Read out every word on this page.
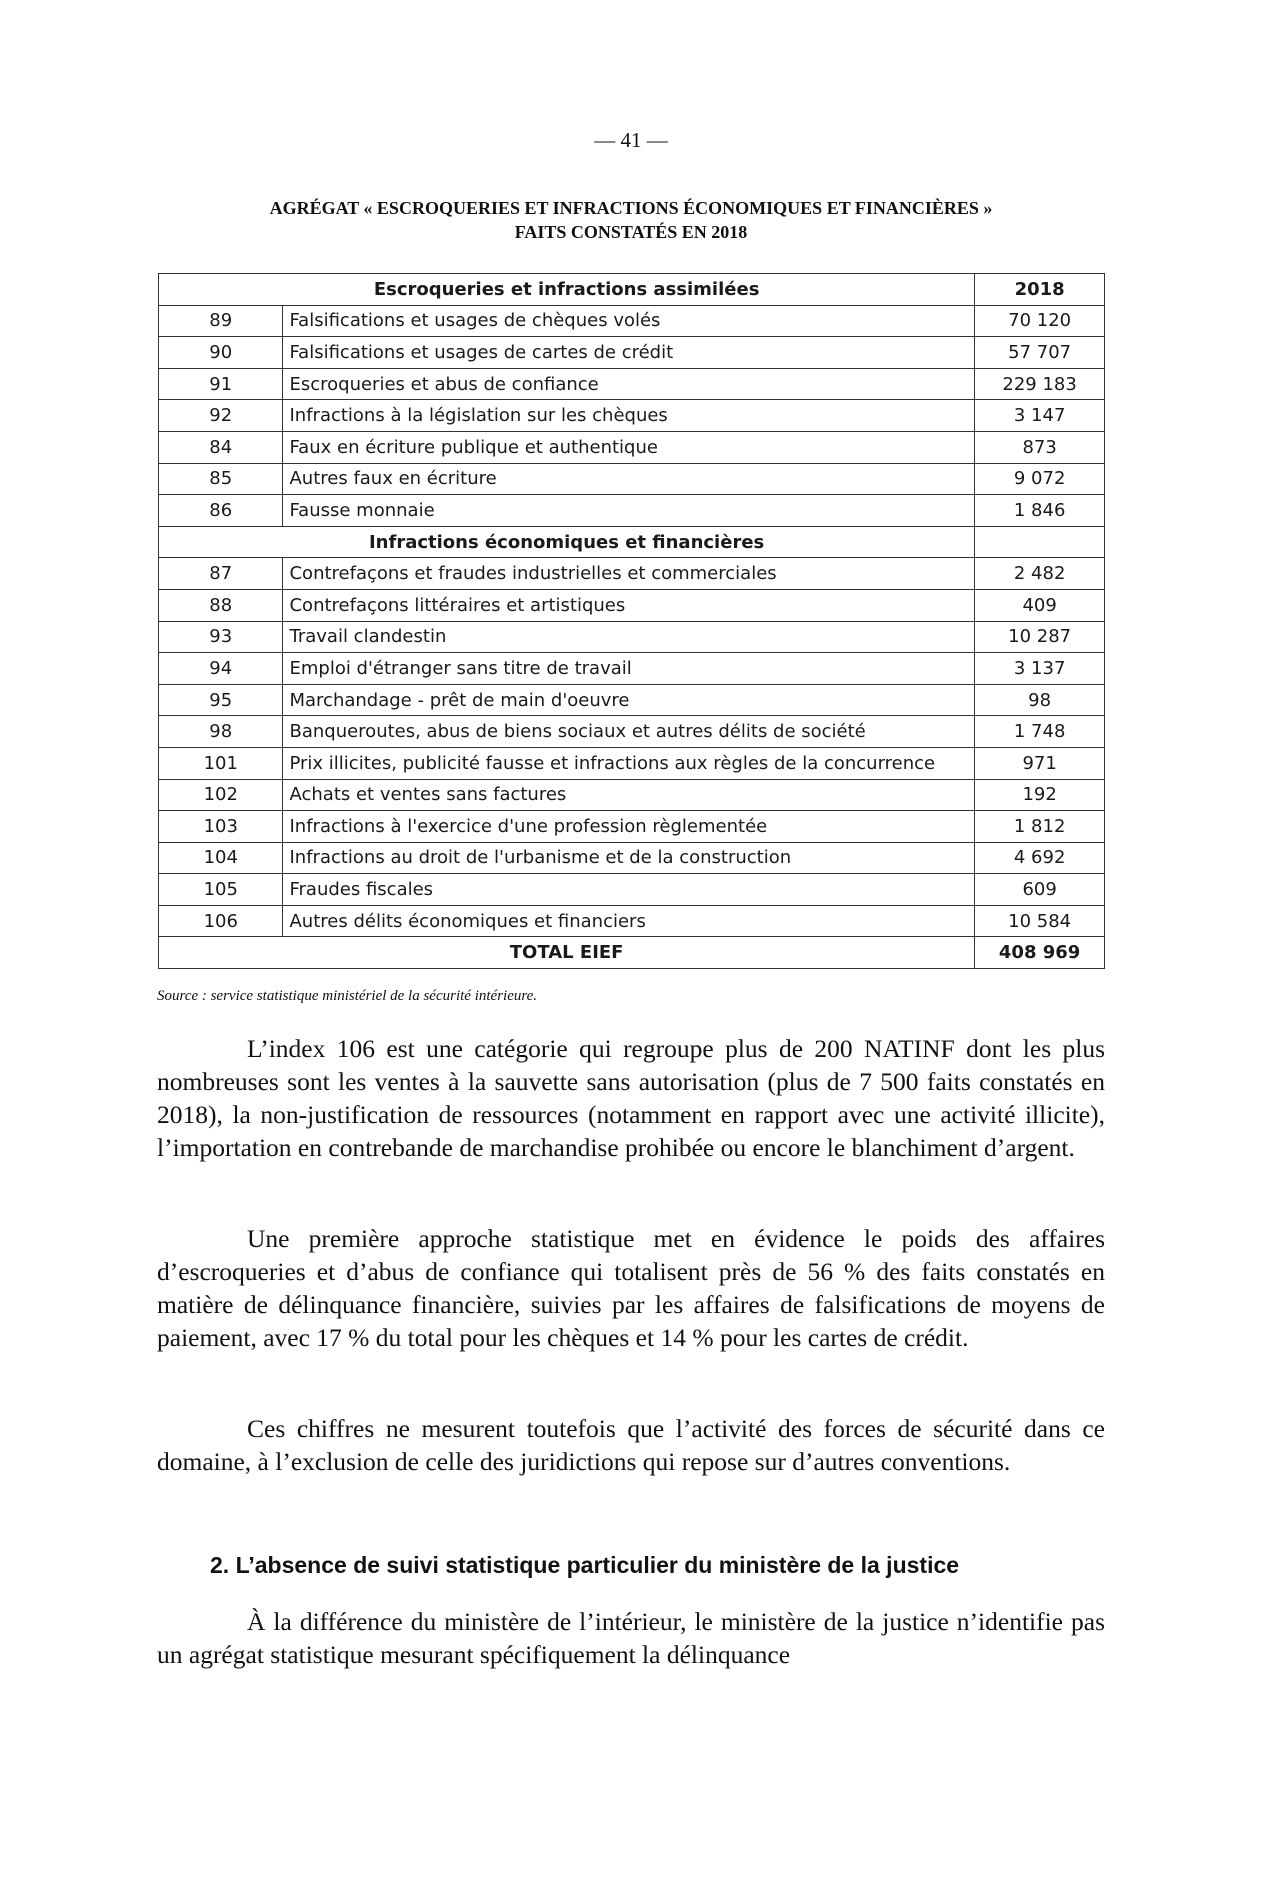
— 41 —
AGRÉGAT « ESCROQUERIES ET INFRACTIONS ÉCONOMIQUES ET FINANCIÈRES »
FAITS CONSTATÉS EN 2018
Escroqueries et infractions assimilées		2018
89	Falsifications et usages de chèques volés	70 120
90	Falsifications et usages de cartes de crédit	57 707
91	Escroqueries et abus de confiance	229 183
92	Infractions à la législation sur les chèques	3 147
84	Faux en écriture publique et authentique	873
85	Autres faux en écriture	9 072
86	Fausse monnaie	1 846
Infractions économiques et financières		
87	Contrefaçons et fraudes industrielles et commerciales	2 482
88	Contrefaçons littéraires et artistiques	409
93	Travail clandestin	10 287
94	Emploi d'étranger sans titre de travail	3 137
95	Marchandage - prêt de main d'oeuvre	98
98	Banqueroutes, abus de biens sociaux et autres délits de société	1 748
101	Prix illicites, publicité fausse et infractions aux règles de la concurrence	971
102	Achats et ventes sans factures	192
103	Infractions à l'exercice d'une profession règlementée	1 812
104	Infractions au droit de l'urbanisme et de la construction	4 692
105	Fraudes fiscales	609
106	Autres délits économiques et financiers	10 584
TOTAL EIEF		408 969
Source : service statistique ministériel de la sécurité intérieure.

L’index 106 est une catégorie qui regroupe plus de 200 NATINF dont les plus nombreuses sont les ventes à la sauvette sans autorisation (plus de 7 500 faits constatés en 2018), la non-justification de ressources (notamment en rapport avec une activité illicite), l’importation en contrebande de marchandise prohibée ou encore le blanchiment d’argent.

Une première approche statistique met en évidence le poids des affaires d’escroqueries et d’abus de confiance qui totalisent près de 56 % des faits constatés en matière de délinquance financière, suivies par les affaires de falsifications de moyens de paiement, avec 17 % du total pour les chèques et 14 % pour les cartes de crédit.

Ces chiffres ne mesurent toutefois que l’activité des forces de sécurité dans ce domaine, à l’exclusion de celle des juridictions qui repose sur d’autres conventions.

2. L’absence de suivi statistique particulier du ministère de la justice

À la différence du ministère de l’intérieur, le ministère de la justice n’identifie pas un agrégat statistique mesurant spécifiquement la délinquance
